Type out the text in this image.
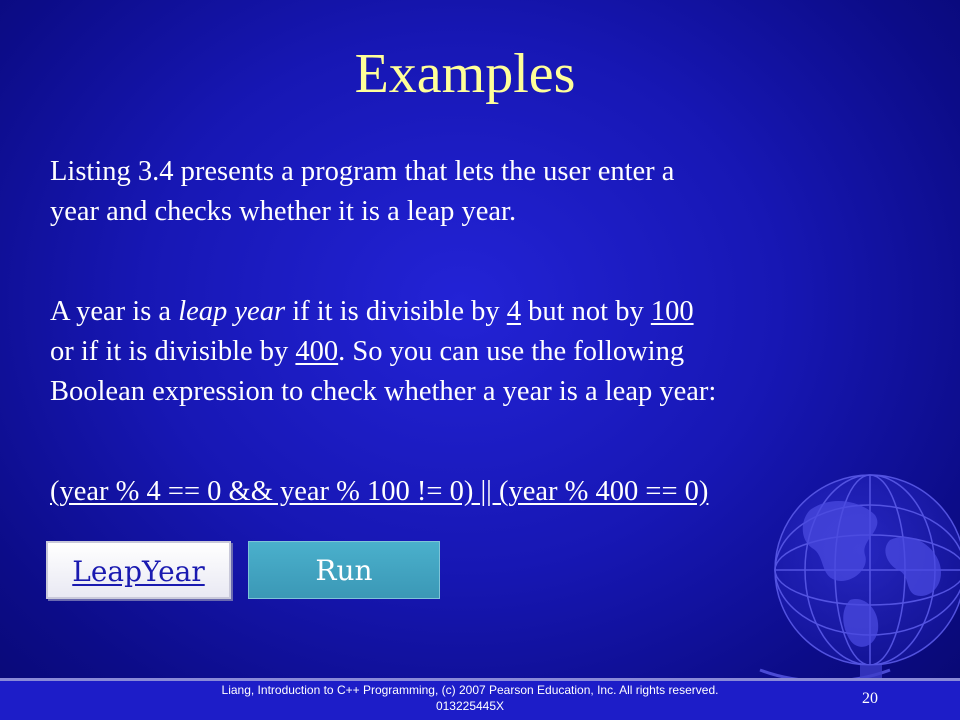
Examples
Listing 3.4 presents a program that lets the user enter a
year and checks whether it is a leap year.
A year is a leap year if it is divisible by 4 but not by 100
or if it is divisible by 400. So you can use the following
Boolean expression to check whether a year is a leap year:
(year % 4 == 0 && year % 100 != 0) || (year % 400 == 0)
LeapYear	Run
Liang, Introduction to C++ Programming, (c) 2007 Pearson Education, Inc. All rights reserved.
013225445X	20
